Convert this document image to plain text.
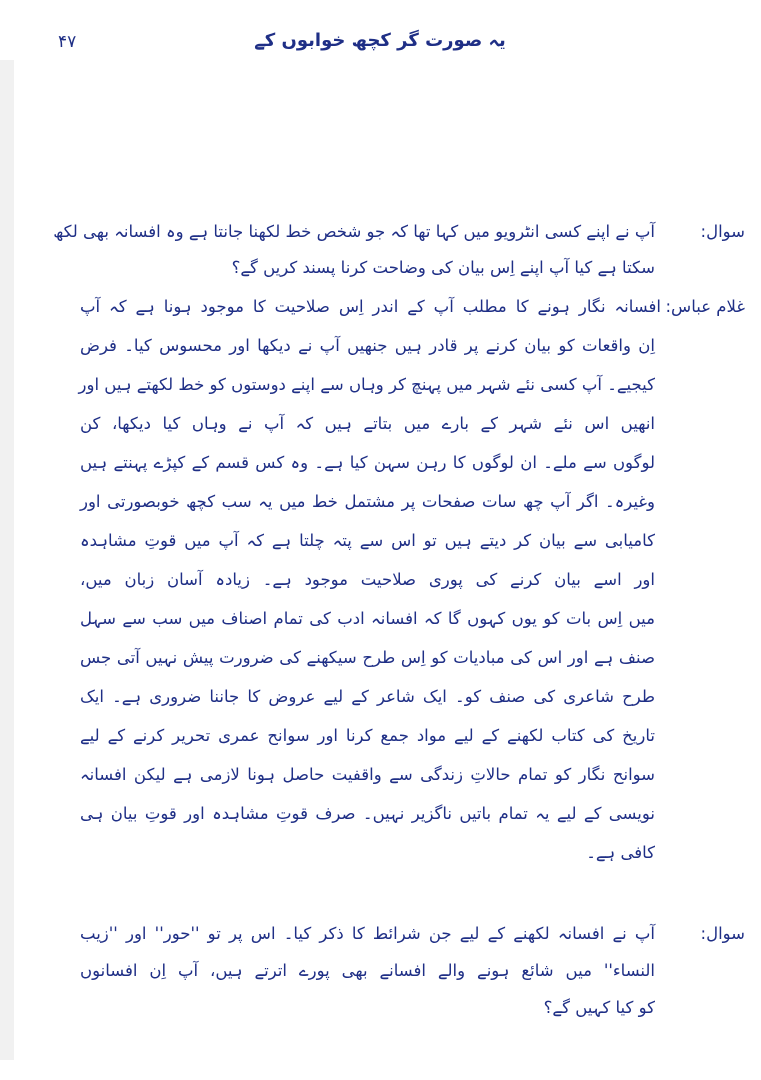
۴۷	یہ صورت گر کچھ خوابوں کے
سوال:
آپ نے اپنے کسی انٹرویو میں کہا تھا کہ جو شخص خط لکھنا جانتا ہے وہ افسانہ بھی لکھ
سکتا ہے کیا آپ اپنے اِس بیان کی وضاحت کرنا پسند کریں گے؟
غلام عباس:
افسانہ نگار ہونے کا مطلب آپ کے اندر اِس صلاحیت کا موجود ہونا ہے کہ آپ
اِن واقعات کو بیان کرنے پر قادر ہیں جنھیں آپ نے دیکھا اور محسوس کیا۔ فرض
کیجیے۔ آپ کسی نئے شہر میں پہنچ کر وہاں سے اپنے دوستوں کو خط لکھتے ہیں اور
انھیں اس نئے شہر کے بارے میں بتاتے ہیں کہ آپ نے وہاں کیا دیکھا، کن
لوگوں سے ملے۔ ان لوگوں کا رہن سہن کیا ہے۔ وہ کس قسم کے کپڑے پہنتے ہیں
وغیرہ۔ اگر آپ چھ سات صفحات پر مشتمل خط میں یہ سب کچھ خوبصورتی اور
کامیابی سے بیان کر دیتے ہیں تو اس سے پتہ چلتا ہے کہ آپ میں قوتِ مشاہدہ
اور اسے بیان کرنے کی پوری صلاحیت موجود ہے۔ زیادہ آسان زبان میں،
میں اِس بات کو یوں کہوں گا کہ افسانہ ادب کی تمام اصناف میں سب سے سہل
صنف ہے اور اس کی مبادیات کو اِس طرح سیکھنے کی ضرورت پیش نہیں آتی جس
طرح شاعری کی صنف کو۔ ایک شاعر کے لیے عروض کا جاننا ضروری ہے۔ ایک
تاریخ کی کتاب لکھنے کے لیے مواد جمع کرنا اور سوانح عمری تحریر کرنے کے لیے
سوانح نگار کو تمام حالاتِ زندگی سے واقفیت حاصل ہونا لازمی ہے لیکن افسانہ
نویسی کے لیے یہ تمام باتیں ناگزیر نہیں۔ صرف قوتِ مشاہدہ اور قوتِ بیان ہی
کافی ہے۔
سوال:
آپ نے افسانہ لکھنے کے لیے جن شرائط کا ذکر کیا۔ اس پر تو ''حور'' اور ''زیب
النساء'' میں شائع ہونے والے افسانے بھی پورے اترتے ہیں، آپ اِن افسانوں
کو کیا کہیں گے؟
